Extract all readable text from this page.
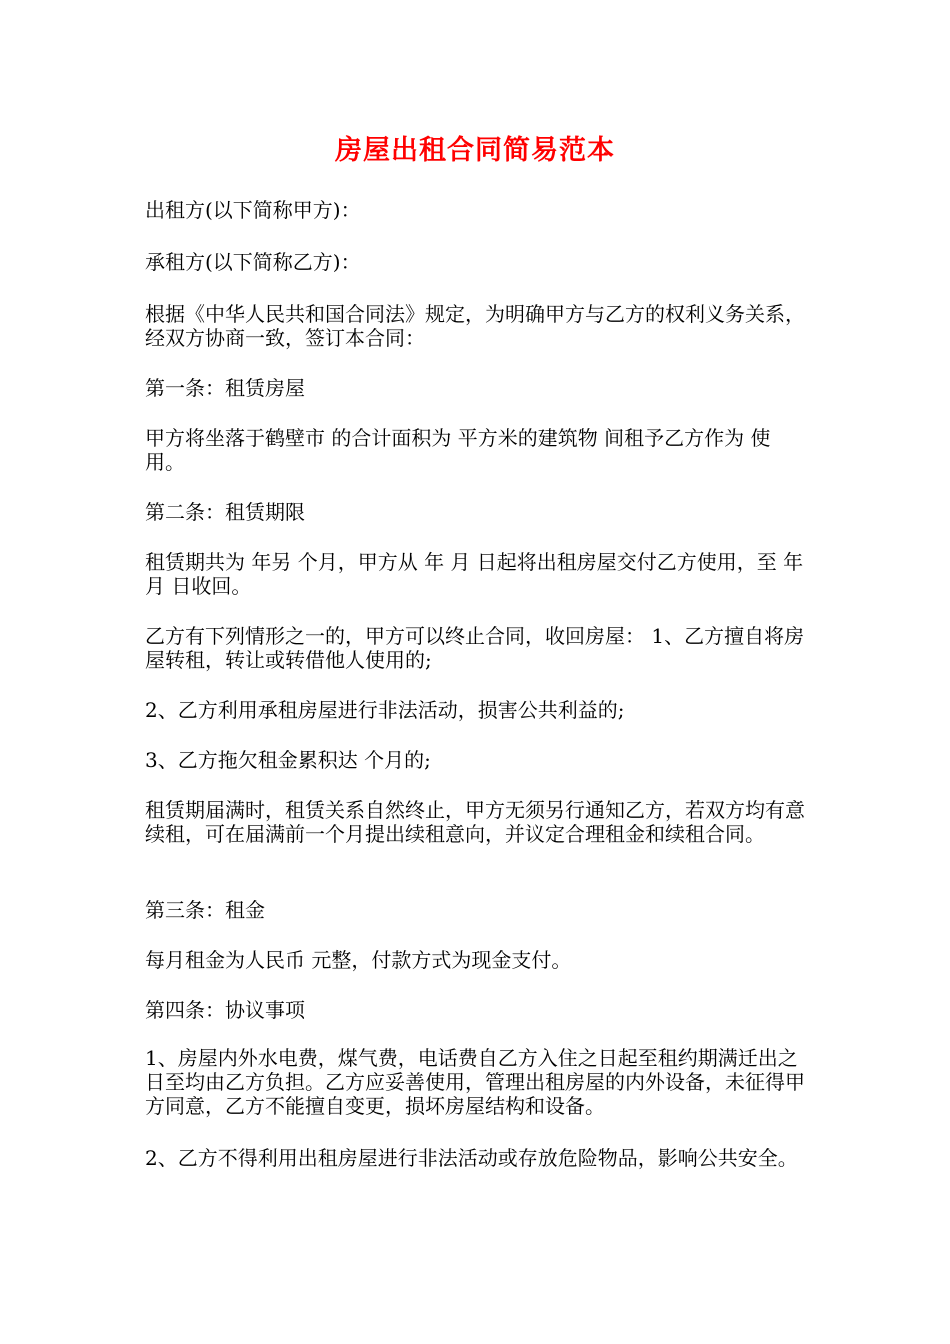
房屋出租合同简易范本

出租方(以下简称甲方)：

承租方(以下简称乙方)：

根据《中华人民共和国合同法》规定，为明确甲方与乙方的权利义务关系，经双方协商一致，签订本合同：

第一条：租赁房屋

甲方将坐落于鹤壁市 的合计面积为 平方米的建筑物 间租予乙方作为 使用。

第二条：租赁期限

租赁期共为 年另 个月，甲方从 年 月 日起将出租房屋交付乙方使用，至 年 月 日收回。

乙方有下列情形之一的，甲方可以终止合同，收回房屋： 1、乙方擅自将房屋转租，转让或转借他人使用的;

2、乙方利用承租房屋进行非法活动，损害公共利益的;

3、乙方拖欠租金累积达 个月的;

租赁期届满时，租赁关系自然终止，甲方无须另行通知乙方，若双方均有意续租，可在届满前一个月提出续租意向，并议定合理租金和续租合同。

第三条：租金

每月租金为人民币 元整，付款方式为现金支付。

第四条：协议事项

1、房屋内外水电费，煤气费，电话费自乙方入住之日起至租约期满迁出之日至均由乙方负担。乙方应妥善使用，管理出租房屋的内外设备，未征得甲方同意，乙方不能擅自变更，损坏房屋结构和设备。

2、乙方不得利用出租房屋进行非法活动或存放危险物品，影响公共安全。
